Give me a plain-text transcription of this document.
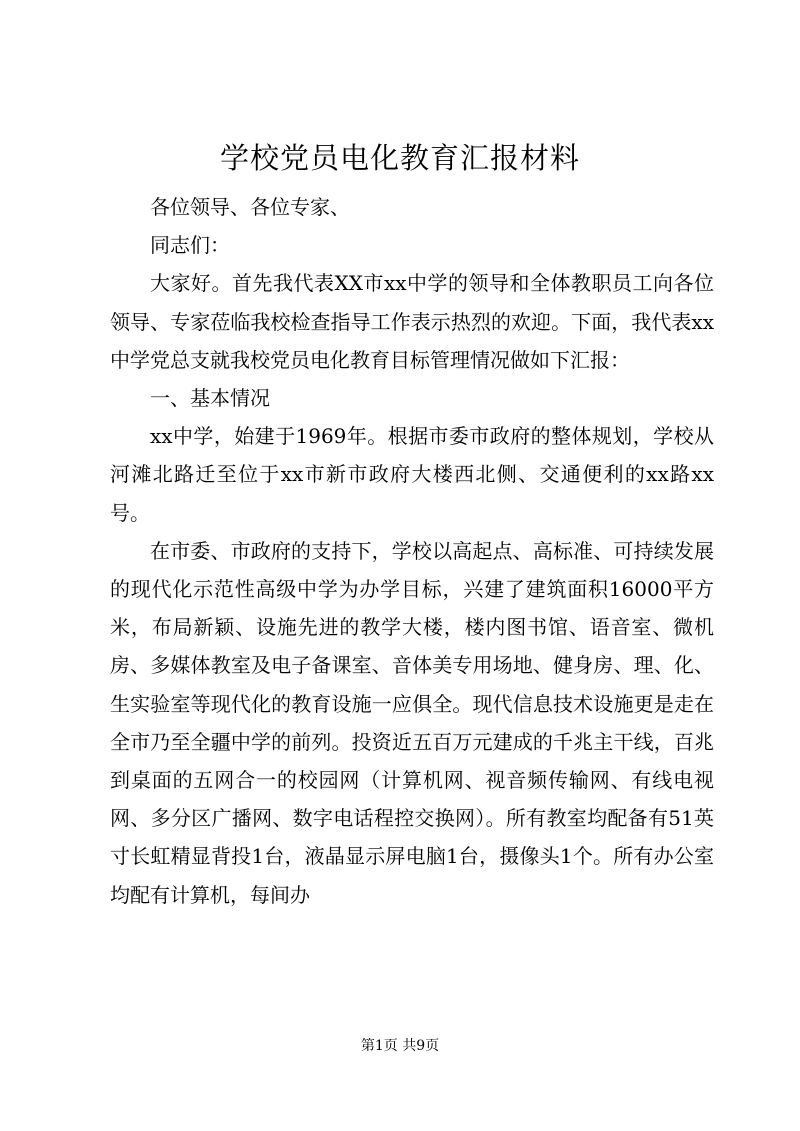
学校党员电化教育汇报材料

各位领导、各位专家、

同志们：

大家好。首先我代表XX市xx中学的领导和全体教职员工向各位领导、专家莅临我校检查指导工作表示热烈的欢迎。下面，我代表xx中学党总支就我校党员电化教育目标管理情况做如下汇报：

一、基本情况

xx中学，始建于1969年。根据市委市政府的整体规划，学校从河滩北路迁至位于xx市新市政府大楼西北侧、交通便利的xx路xx号。

在市委、市政府的支持下，学校以高起点、高标准、可持续发展的现代化示范性高级中学为办学目标，兴建了建筑面积16000平方米，布局新颖、设施先进的教学大楼，楼内图书馆、语音室、微机房、多媒体教室及电子备课室、音体美专用场地、健身房、理、化、生实验室等现代化的教育设施一应俱全。现代信息技术设施更是走在全市乃至全疆中学的前列。投资近五百万元建成的千兆主干线，百兆到桌面的五网合一的校园网（计算机网、视音频传输网、有线电视网、多分区广播网、数字电话程控交换网）。所有教室均配备有51英寸长虹精显背投1台，液晶显示屏电脑1台，摄像头1个。所有办公室均配有计算机，每间办

第1页 共9页
